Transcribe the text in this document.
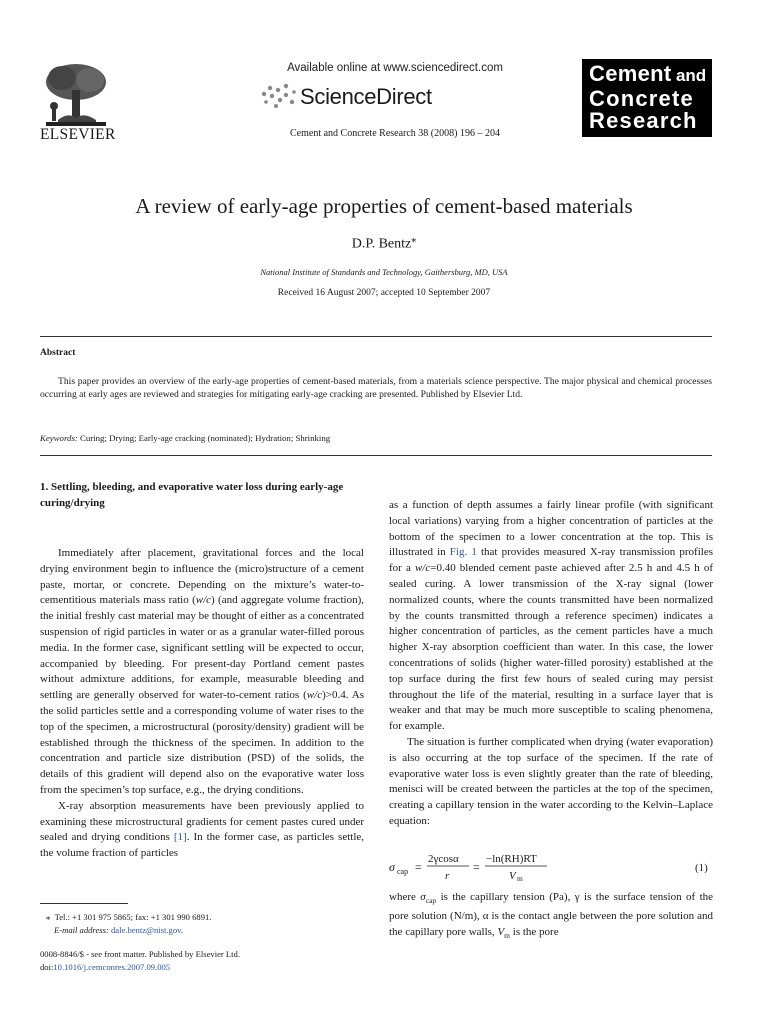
ELSEVIER
Available online at www.sciencedirect.com
ScienceDirect
Cement and Concrete Research 38 (2008) 196 – 204
Cement and
Concrete
Research
A review of early-age properties of cement-based materials
D.P. Bentz⁎
National Institute of Standards and Technology, Gaithersburg, MD, USA
Received 16 August 2007; accepted 10 September 2007
Abstract
This paper provides an overview of the early-age properties of cement-based materials, from a materials science perspective. The major physical and chemical processes occurring at early ages are reviewed and strategies for mitigating early-age cracking are presented. Published by Elsevier Ltd.
Keywords: Curing; Drying; Early-age cracking (nominated); Hydration; Shrinking
1. Settling, bleeding, and evaporative water loss during early-age curing/drying

Immediately after placement, gravitational forces and the local drying environment begin to influence the (micro)structure of a cement paste, mortar, or concrete. Depending on the mixture’s water-to-cementitious materials mass ratio (w/c) (and aggregate volume fraction), the initial freshly cast material may be thought of either as a concentrated suspension of rigid particles in water or as a granular water-filled porous media. In the former case, significant settling will be expected to occur, accompanied by bleeding. For present-day Portland cement pastes without admixture additions, for example, measurable bleeding and settling are generally observed for water-to-cement ratios (w/c)>0.4. As the solid particles settle and a corresponding volume of water rises to the top of the specimen, a microstructural (porosity/density) gradient will be established through the thickness of the specimen. In addition to the concentration and particle size distribution (PSD) of the solids, the details of this gradient will depend also on the evaporative water loss from the specimen’s top surface, e.g., the drying conditions.

X-ray absorption measurements have been previously applied to examining these microstructural gradients for cement pastes cured under sealed and drying conditions [1]. In the former case, as particles settle, the volume fraction of particles

as a function of depth assumes a fairly linear profile (with significant local variations) varying from a higher concentration of particles at the bottom of the specimen to a lower concentration at the top. This is illustrated in Fig. 1 that provides measured X-ray transmission profiles for a w/c=0.40 blended cement paste achieved after 2.5 h and 4.5 h of sealed curing. A lower transmission of the X-ray signal (lower normalized counts, where the counts transmitted have been normalized by the counts transmitted through a reference specimen) indicates a higher concentration of particles, as the cement particles have a much higher X-ray absorption coefficient than water. In this case, the lower concentrations of solids (higher water-filled porosity) established at the top surface during the first few hours of sealed curing may persist throughout the life of the material, resulting in a surface layer that is weaker and that may be much more susceptible to scaling phenomena, for example.

The situation is further complicated when drying (water evaporation) is also occurring at the top surface of the specimen. If the rate of evaporative water loss is even slightly greater than the rate of bleeding, menisci will be created between the particles at the top of the specimen, creating a capillary tension in the water according to the Kelvin–Laplace equation:

σ cap =
2γcosα
r
=
−ln(RH)RT
V m
(1)

where $\sigma_{cap}$ is the capillary tension (Pa), γ is the surface tension of the pore solution (N/m), α is the contact angle between the pore solution and the capillary pore walls, $V_m$ is the pore

⁎ Tel.: +1 301 975 5865; fax: +1 301 990 6891.
E-mail address: dale.bentz@nist.gov.
0008-8846/$ - see front matter. Published by Elsevier Ltd.
doi:10.1016/j.cemconres.2007.09.005
